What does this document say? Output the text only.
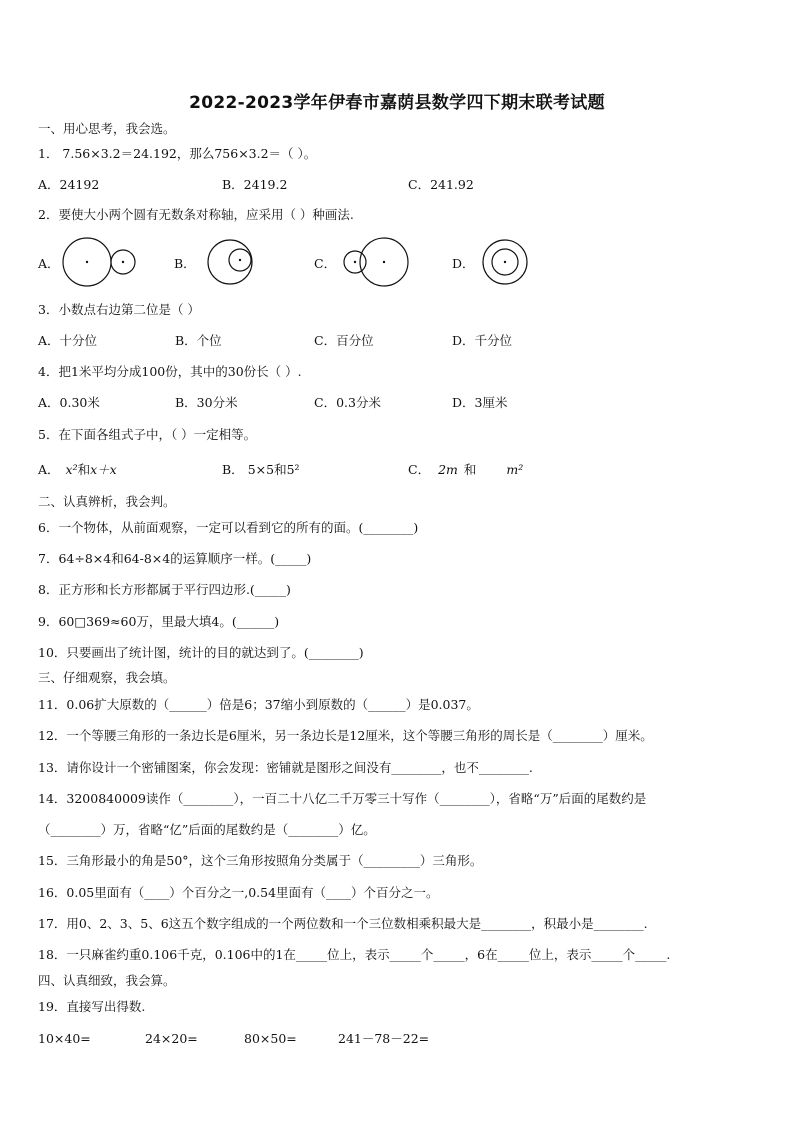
2022-2023学年伊春市嘉荫县数学四下期末联考试题
一、用心思考，我会选。
1． 7.56×3.2＝24.192，那么756×3.2＝（ ）。
A．24192	B．2419.2	C．241.92
2．要使大小两个圆有无数条对称轴，应采用（ ）种画法.
A．	B．	C．	D．
3．小数点右边第二位是（ ）
A．十分位	B．个位	C．百分位	D．千分位
4．把1米平均分成100份，其中的30份长（ ）.
A．0.30米	B．30分米	C．0.3分米	D．3厘米
5．在下面各组式子中，（ ）一定相等。
A． x²和x＋x	B． 5×5和5²	C． 2m 和 m²
二、认真辨析，我会判。
6．一个物体，从前面观察，一定可以看到它的所有的面。(________)
7．64÷8×4和64-8×4的运算顺序一样。(_____)
8．正方形和长方形都属于平行四边形.(_____)
9．60□369≈60万，里最大填4。(______)
10．只要画出了统计图，统计的目的就达到了。(________)
三、仔细观察，我会填。
11．0.06扩大原数的（______）倍是6；37缩小到原数的（______）是0.037。
12．一个等腰三角形的一条边长是6厘米，另一条边长是12厘米，这个等腰三角形的周长是（________）厘米。
13．请你设计一个密铺图案，你会发现：密铺就是图形之间没有________，也不________.
14．3200840009读作（________），一百二十八亿二千万零三十写作（________），省略“万”后面的尾数约是
（________）万，省略“亿”后面的尾数约是（________）亿。
15．三角形最小的角是50°，这个三角形按照角分类属于（_________）三角形。
16．0.05里面有（____）个百分之一,0.54里面有（____）个百分之一。
17．用0、2、3、5、6这五个数字组成的一个两位数和一个三位数相乘积最大是________，积最小是________.
18．一只麻雀约重0.106千克，0.106中的1在_____位上，表示_____个_____，6在_____位上，表示_____个_____.
四、认真细致，我会算。
19．直接写出得数.
10×40=	24×20=	80×50=	241－78－22=
